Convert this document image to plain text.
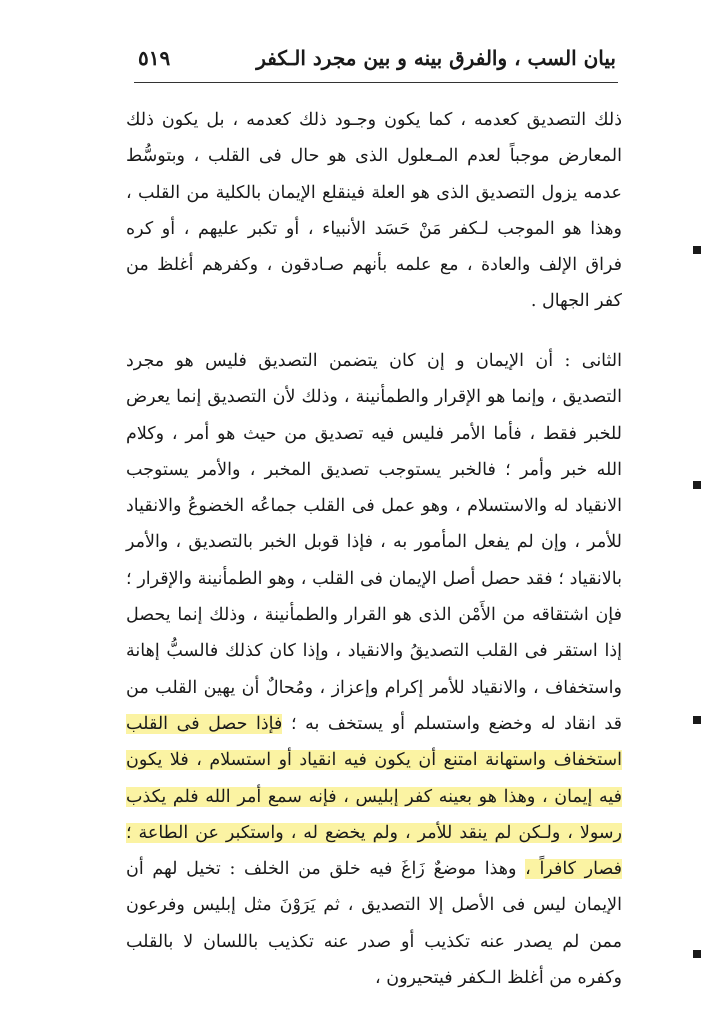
بيان السب ، والفرق بينه و بين مجرد الـكفر
٥١٩

ذلك التصديق كعدمه ، كما يكون وجـود ذلك كعدمه ، بل يكون ذلك المعارض موجباً لعدم المـعلول الذى هو حال فى القلب ، وبتوسُّط عدمه يزول التصديق الذى هو العلة فينقلع الإيمان بالكلية من القلب ، وهذا هو الموجب لـكفر مَنْ حَسَد الأنبياء ، أو تكبر عليهم ، أو كره فراق الإلف والعادة ، مع علمه بأنهم صـادقون ، وكفرهم أغلظ من كفر الجهال .

الثانى : أن الإيمان و إن كان يتضمن التصديق فليس هو مجرد التصديق ، وإنما هو الإقرار والطمأنينة ، وذلك لأن التصديق إنما يعرض للخبر فقط ، فأما الأمر فليس فيه تصديق من حيث هو أمر ، وكلام الله خبر وأمر ؛ فالخبر يستوجب تصديق المخبر ، والأمر يستوجب الانقياد له والاستسلام ، وهو عمل فى القلب جماعُه الخضوعُ والانقياد للأمر ، وإن لم يفعل المأمور به ، فإذا قوبل الخبر بالتصديق ، والأمر بالانقياد ؛ فقد حصل أصل الإيمان فى القلب ، وهو الطمأنينة والإقرار ؛ فإن اشتقاقه من الأَمْن الذى هو القرار والطمأنينة ، وذلك إنما يحصل إذا استقر فى القلب التصديقُ والانقياد ، وإذا كان كذلك فالسبُّ إهانة واستخفاف ، والانقياد للأمر إكرام وإعزاز ، ومُحالٌ أن يهين القلب من قد انقاد له وخضع واستسلم أو يستخف به ؛ فإذا حصل فى القلب استخفاف واستهانة امتنع أن يكون فيه انقياد أو استسلام ، فلا يكون فيه إيمان ، وهذا هو بعينه كفر إبليس ، فإنه سمع أمر الله فلم يكذب رسولا ، ولـكن لم ينقد للأمر ، ولم يخضع له ، واستكبر عن الطاعة ؛ فصار كافراً ، وهذا موضعٌ زَاغَ فيه خلق من الخلف : تخيل لهم أن الإيمان ليس فى الأصل إلا التصديق ، ثم يَرَوْنَ مثل إبليس وفرعون ممن لم يصدر عنه تكذيب أو صدر عنه تكذيب باللسان لا بالقلب وكفره من أغلظ الـكفر فيتحيرون ،
